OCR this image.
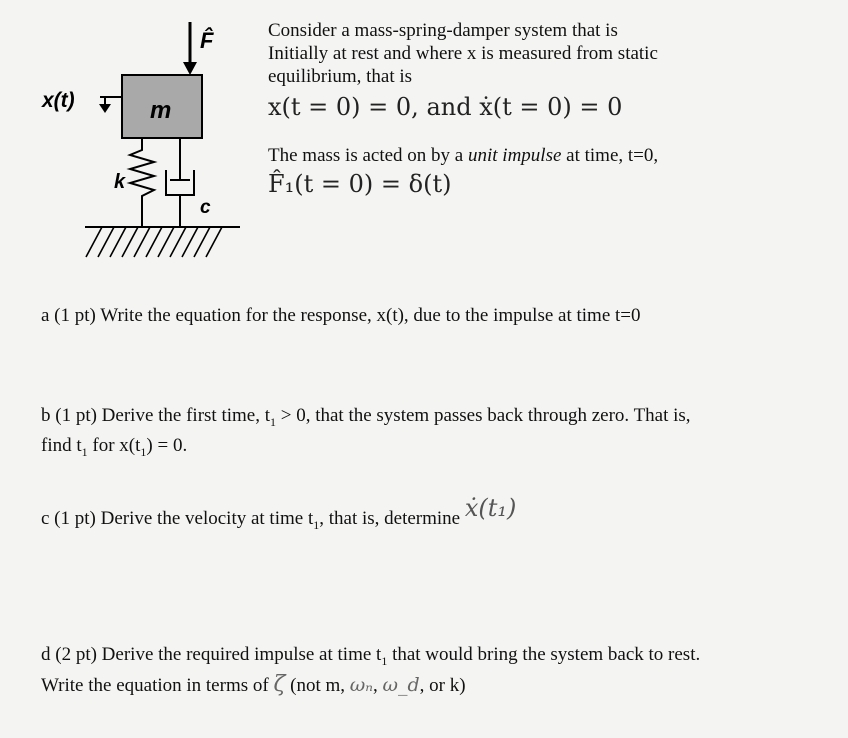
F̂
x(t)	m
k
c

Consider a mass-spring-damper system that is

Initially at rest and where x is measured from static

equilibrium, that is

x(t = 0) = 0, and ẋ(t = 0) = 0

The mass is acted on by a unit impulse at time, t=0,

F̂₁(t = 0) = δ(t)

a (1 pt) Write the equation for the response, x(t), due to the impulse at time t=0

b (1 pt) Derive the first time, $t_1 > 0$, that the system passes back through zero. That is,

find $t_1$ for $x(t_1) = 0$.

c (1 pt) Derive the velocity at time $t_1$, that is, determine ẋ(t₁)

d (2 pt) Derive the required impulse at time $t_1$ that would bring the system back to rest.

Write the equation in terms of ζ (not m, ωₙ, ω_d, or k)
